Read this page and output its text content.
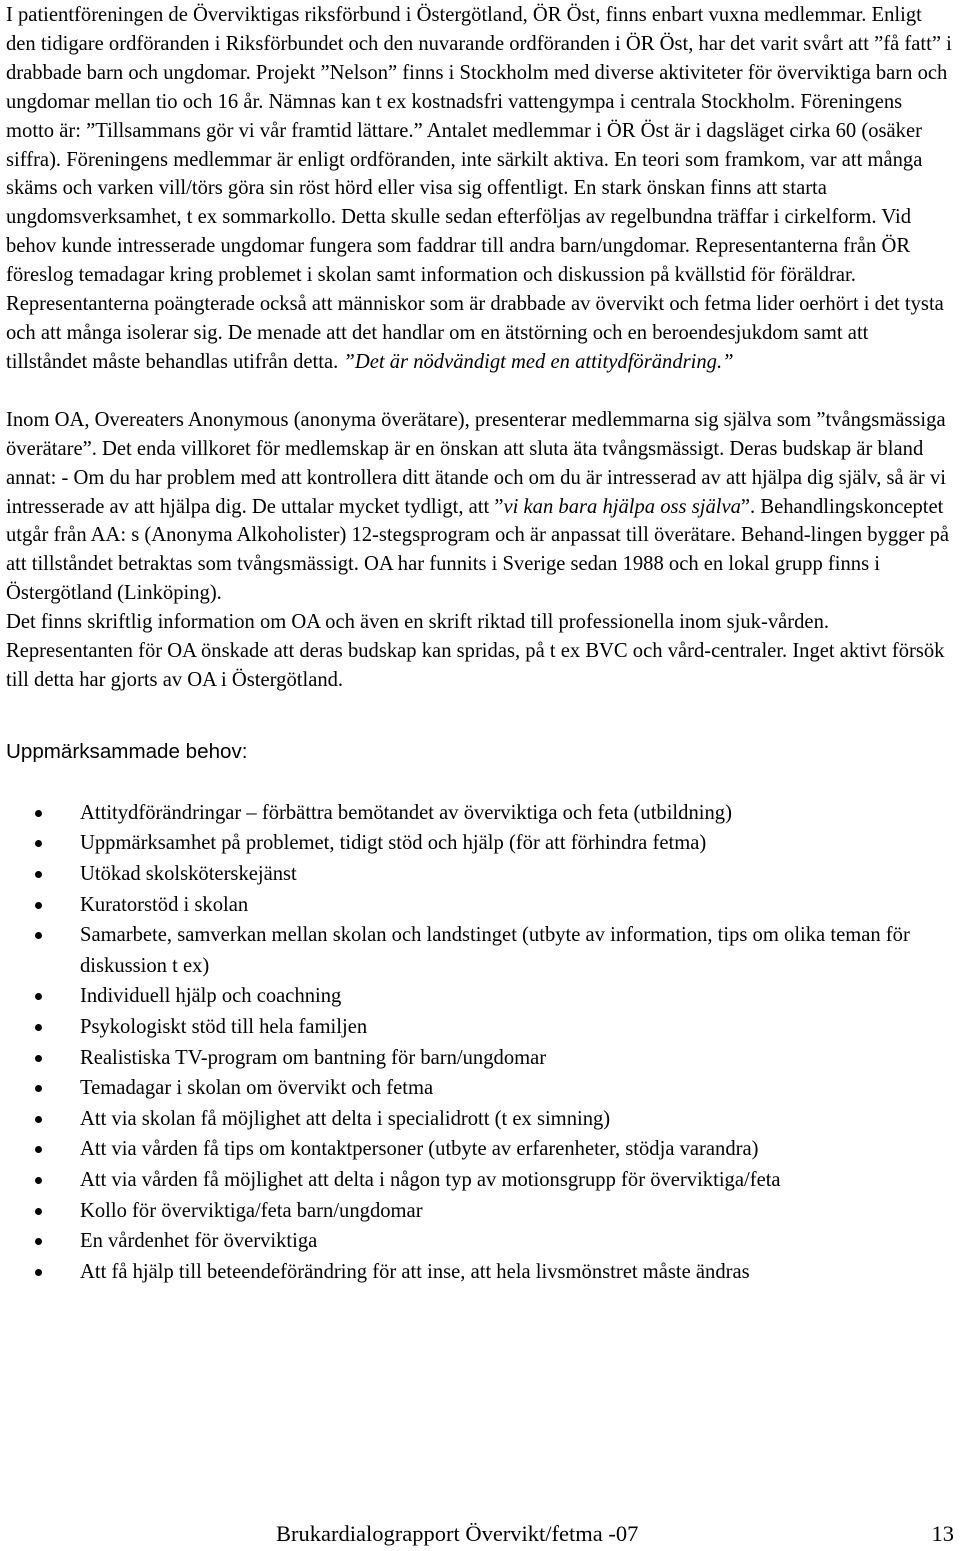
I patientföreningen de Överviktigas riksförbund i Östergötland, ÖR Öst, finns enbart vuxna medlemmar. Enligt den tidigare ordföranden i Riksförbundet och den nuvarande ordföranden i ÖR Öst, har det varit svårt att ”få fatt” i drabbade barn och ungdomar. Projekt ”Nelson” finns i Stockholm med diverse aktiviteter för överviktiga barn och ungdomar mellan tio och 16 år. Nämnas kan t ex kostnadsfri vattengympa i centrala Stockholm. Föreningens motto är: ”Tillsammans gör vi vår framtid lättare.” Antalet medlemmar i ÖR Öst är i dagsläget cirka 60 (osäker siffra). Föreningens medlemmar är enligt ordföranden, inte särkilt aktiva. En teori som framkom, var att många skäms och varken vill/törs göra sin röst hörd eller visa sig offentligt. En stark önskan finns att starta ungdomsverksamhet, t ex sommarkollo. Detta skulle sedan efterföljas av regelbundna träffar i cirkelform. Vid behov kunde intresserade ungdomar fungera som faddrar till andra barn/ungdomar. Representanterna från ÖR föreslog temadagar kring problemet i skolan samt information och diskussion på kvällstid för föräldrar. Representanterna poängterade också att människor som är drabbade av övervikt och fetma lider oerhört i det tysta och att många isolerar sig. De menade att det handlar om en ätstörning och en beroendesjukdom samt att tillståndet måste behandlas utifrån detta. ”Det är nödvändigt med en attitydförändring.”

Inom OA, Overeaters Anonymous (anonyma överätare), presenterar medlemmarna sig själva som ”tvångsmässiga överätare”. Det enda villkoret för medlemskap är en önskan att sluta äta tvångsmässigt. Deras budskap är bland annat: - Om du har problem med att kontrollera ditt ätande och om du är intresserad av att hjälpa dig själv, så är vi intresserade av att hjälpa dig. De uttalar mycket tydligt, att ”vi kan bara hjälpa oss själva”. Behandlingskonceptet utgår från AA: s (Anonyma Alkoholister) 12-stegsprogram och är anpassat till överätare. Behand-lingen bygger på att tillståndet betraktas som tvångsmässigt. OA har funnits i Sverige sedan 1988 och en lokal grupp finns i Östergötland (Linköping).

Det finns skriftlig information om OA och även en skrift riktad till professionella inom sjuk-vården. Representanten för OA önskade att deras budskap kan spridas, på t ex BVC och vård-centraler. Inget aktivt försök till detta har gjorts av OA i Östergötland.

Uppmärksammade behov:
Attitydförändringar – förbättra bemötandet av överviktiga och feta (utbildning)
Uppmärksamhet på problemet, tidigt stöd och hjälp (för att förhindra fetma)
Utökad skolsköterskejänst
Kuratorstöd i skolan
Samarbete, samverkan mellan skolan och landstinget (utbyte av information, tips om olika teman för diskussion t ex)
Individuell hjälp och coachning
Psykologiskt stöd till hela familjen
Realistiska TV-program om bantning för barn/ungdomar
Temadagar i skolan om övervikt och fetma
Att via skolan få möjlighet att delta i specialidrott (t ex simning)
Att via vården få tips om kontaktpersoner (utbyte av erfarenheter, stödja varandra)
Att via vården få möjlighet att delta i någon typ av motionsgrupp för överviktiga/feta
Kollo för överviktiga/feta barn/ungdomar
En vårdenhet för överviktiga
Att få hjälp till beteendeförändring för att inse, att hela livsmönstret måste ändras
Brukardialograpport Övervikt/fetma -07	13
